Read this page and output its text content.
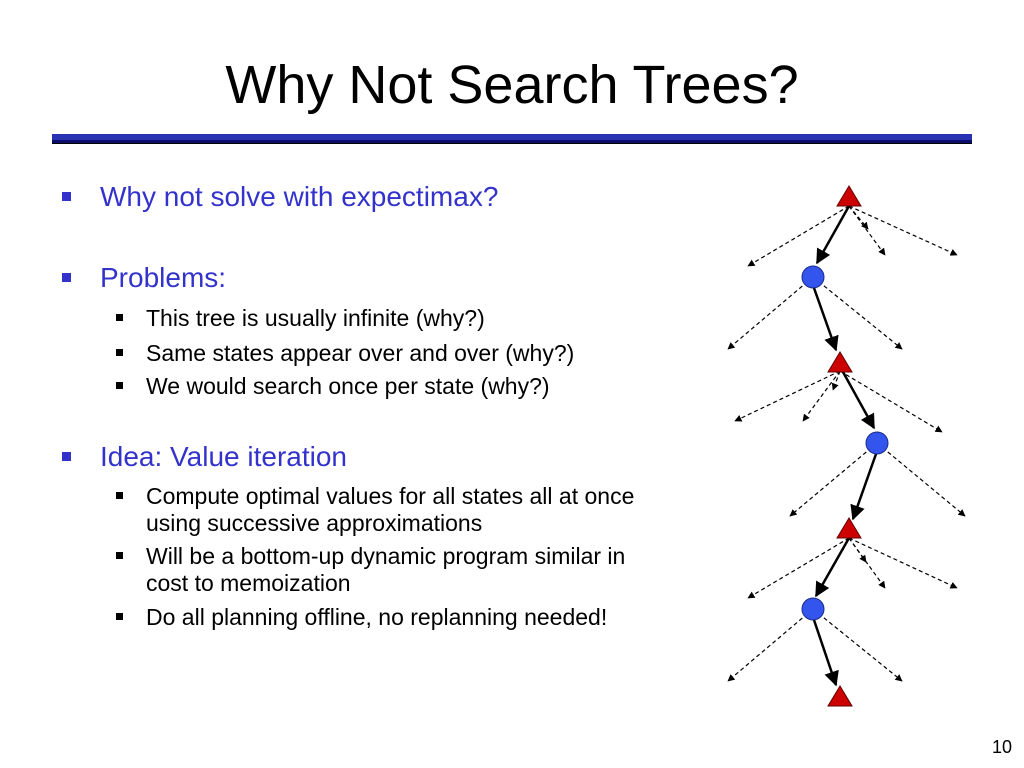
Why Not Search Trees?

Why not solve with expectimax?

Problems:

This tree is usually infinite (why?)

Same states appear over and over (why?)

We would search once per state (why?)

Idea: Value iteration

Compute optimal values for all states all at once using successive approximations

Will be a bottom-up dynamic program similar in cost to memoization

Do all planning offline, no replanning needed!

10
